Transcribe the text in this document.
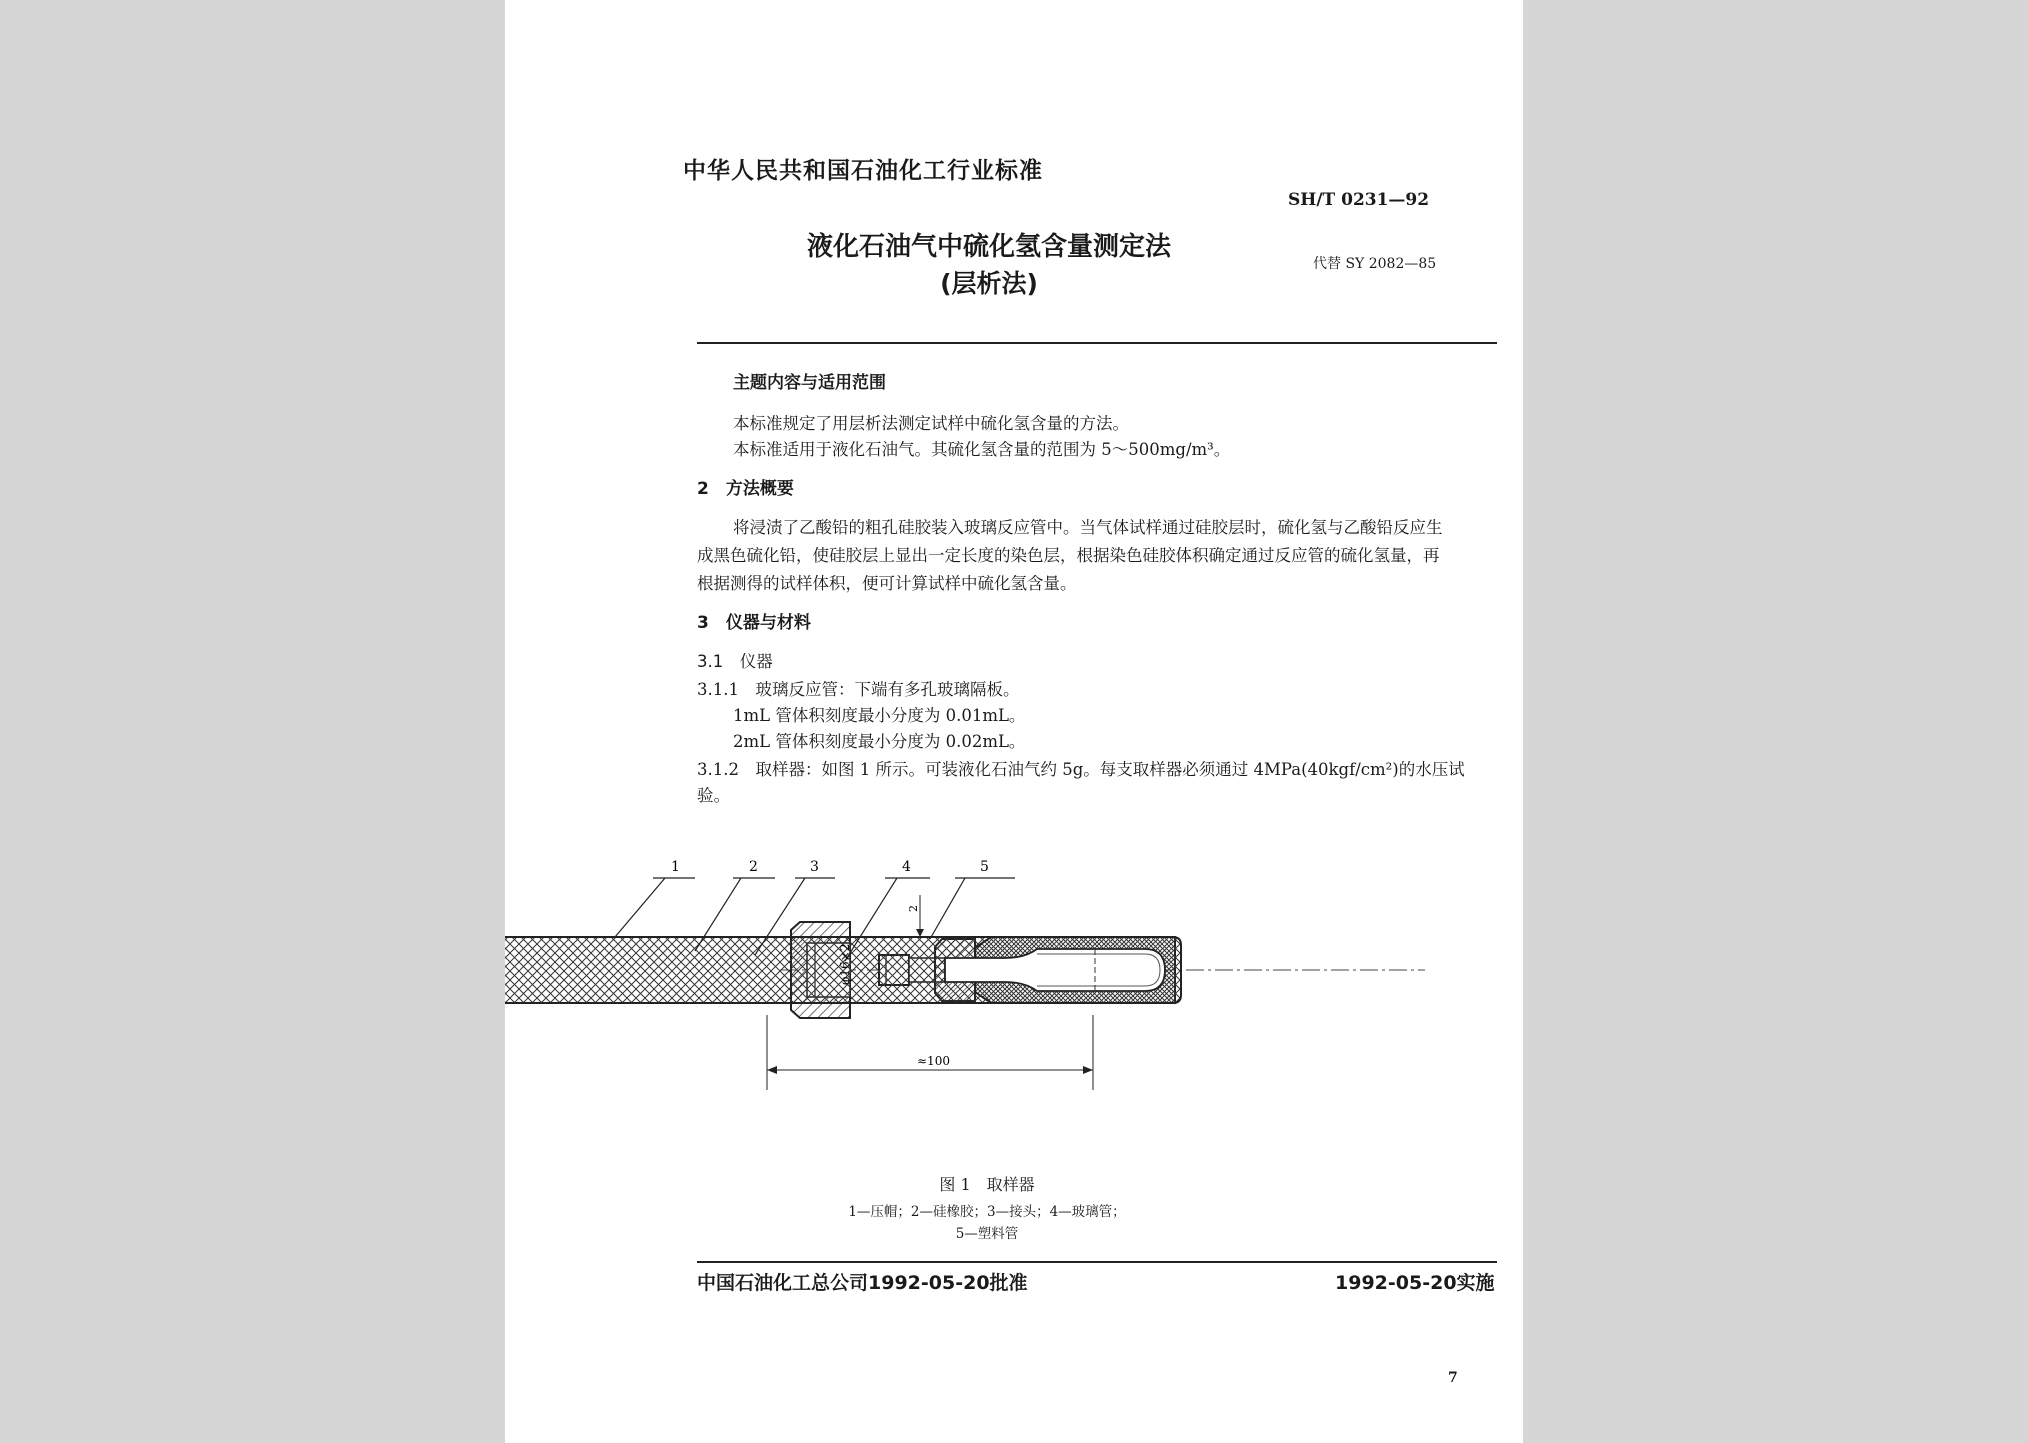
中华人民共和国石油化工行业标准
SH/T 0231—92
液化石油气中硫化氢含量测定法
(层析法)
代替 SY 2082—85
主题内容与适用范围
本标准规定了用层析法测定试样中硫化氢含量的方法。
本标准适用于液化石油气。其硫化氢含量的范围为 5～500mg/m³。
2　方法概要
将浸渍了乙酸铅的粗孔硅胶装入玻璃反应管中。当气体试样通过硅胶层时，硫化氢与乙酸铅反应生
成黑色硫化铅，使硅胶层上显出一定长度的染色层，根据染色硅胶体积确定通过反应管的硫化氢量，再
根据测得的试样体积，便可计算试样中硫化氢含量。
3　仪器与材料
3.1　仪器
3.1.1　玻璃反应管：下端有多孔玻璃隔板。
1mL 管体积刻度最小分度为 0.01mL。
2mL 管体积刻度最小分度为 0.02mL。
3.1.2　取样器：如图 1 所示。可装液化石油气约 5g。每支取样器必须通过 4MPa(40kgf/cm²)的水压试
验。
1	2	3	4	5
2
φ16×2
≈100
图 1　取样器
1—压帽；2—硅橡胶；3—接头；4—玻璃管；
5—塑料管
中国石油化工总公司1992-05-20批准	1992-05-20实施
7
